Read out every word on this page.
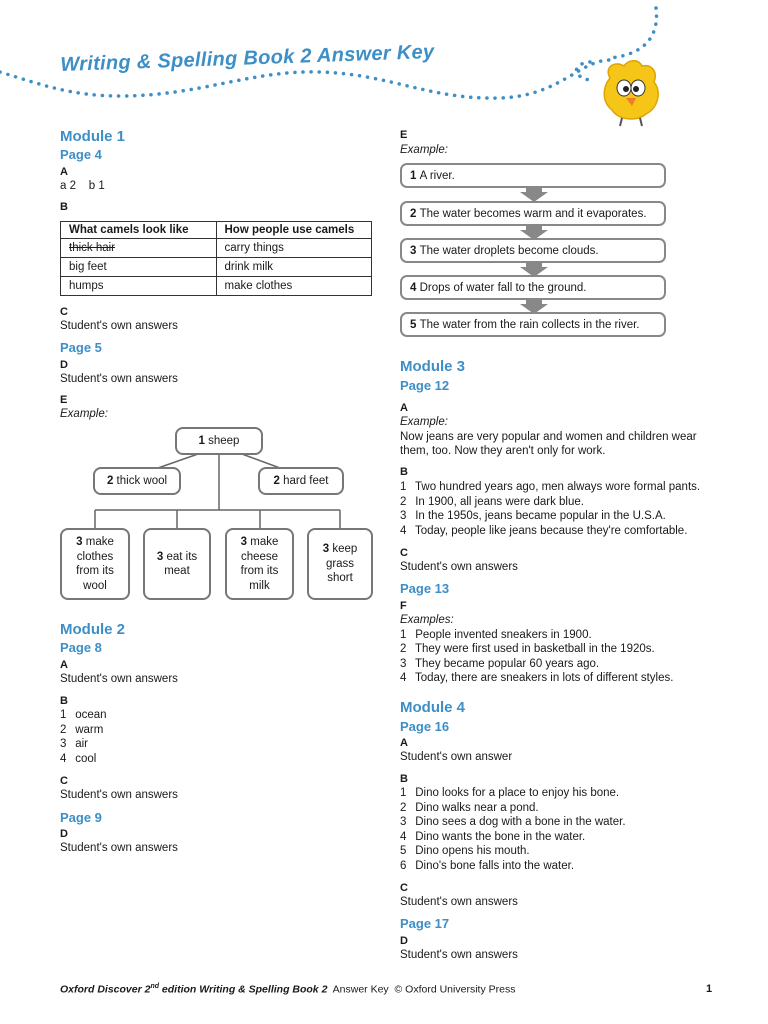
Writing & Spelling Book 2 Answer Key
Module 1
Page 4
A
a 2    b 1
B
What camels look like	How people use camels
thick hair	carry things
big feet	drink milk
humps	make clothes
C
Student's own answers
Page 5
D
Student's own answers
E
Example:
1 sheep
2 thick wool	2 hard feet
3 make clothes from its wool
3 eat its meat
3 make cheese from its milk
3 keep grass short
Module 2
Page 8
A
Student's own answers
B
1 ocean
2 warm
3 air
4 cool
C
Student's own answers
Page 9
D
Student's own answers
E
Example:
1
A river.
2
The water becomes warm and it evaporates.
3
The water droplets become clouds.
4
Drops of water fall to the ground.
5
The water from the rain collects in the river.
Module 3
Page 12
A
Example:
Now jeans are very popular and women and children wear
them, too. Now they aren't only for work.
B
1 Two hundred years ago, men always wore formal pants.
2 In 1900, all jeans were dark blue.
3 In the 1950s, jeans became popular in the U.S.A.
4 Today, people like jeans because they're comfortable.
C
Student's own answers
Page 13
F
Examples:
1 People invented sneakers in 1900.
2 They were first used in basketball in the 1920s.
3 They became popular 60 years ago.
4 Today, there are sneakers in lots of different styles.
Module 4
Page 16
A
Student's own answer
B
1 Dino looks for a place to enjoy his bone.
2 Dino walks near a pond.
3 Dino sees a dog with a bone in the water.
4 Dino wants the bone in the water.
5 Dino opens his mouth.
6 Dino's bone falls into the water.
C
Student's own answers
Page 17
D
Student's own answers
Oxford Discover 2nd edition Writing & Spelling Book 2  Answer Key  © Oxford University Press	1
